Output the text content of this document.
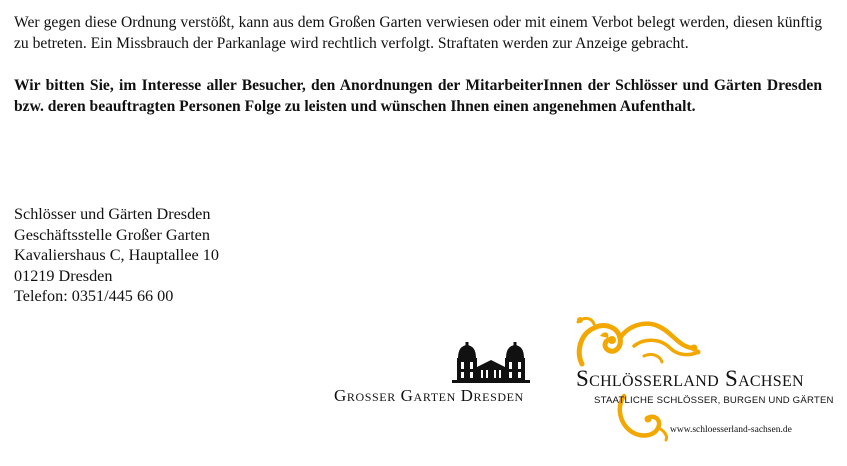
Wer gegen diese Ordnung verstößt, kann aus dem Großen Garten verwiesen oder mit einem Verbot belegt werden, diesen künftig zu betreten. Ein Missbrauch der Parkanlage wird rechtlich verfolgt. Straftaten werden zur Anzeige gebracht.

Wir bitten Sie, im Interesse aller Besucher, den Anordnungen der MitarbeiterInnen der Schlösser und Gärten Dresden bzw. deren beauftragten Personen Folge zu leisten und wünschen Ihnen einen angenehmen Aufenthalt.

Schlösser und Gärten Dresden
Geschäftsstelle Großer Garten
Kavaliershaus C, Hauptallee 10
01219 Dresden
Telefon: 0351/445 66 00
Grosser Garten Dresden
Schlösserland Sachsen
STAATLICHE SCHLÖSSER, BURGEN UND GÄRTEN
www.schloesserland-sachsen.de
